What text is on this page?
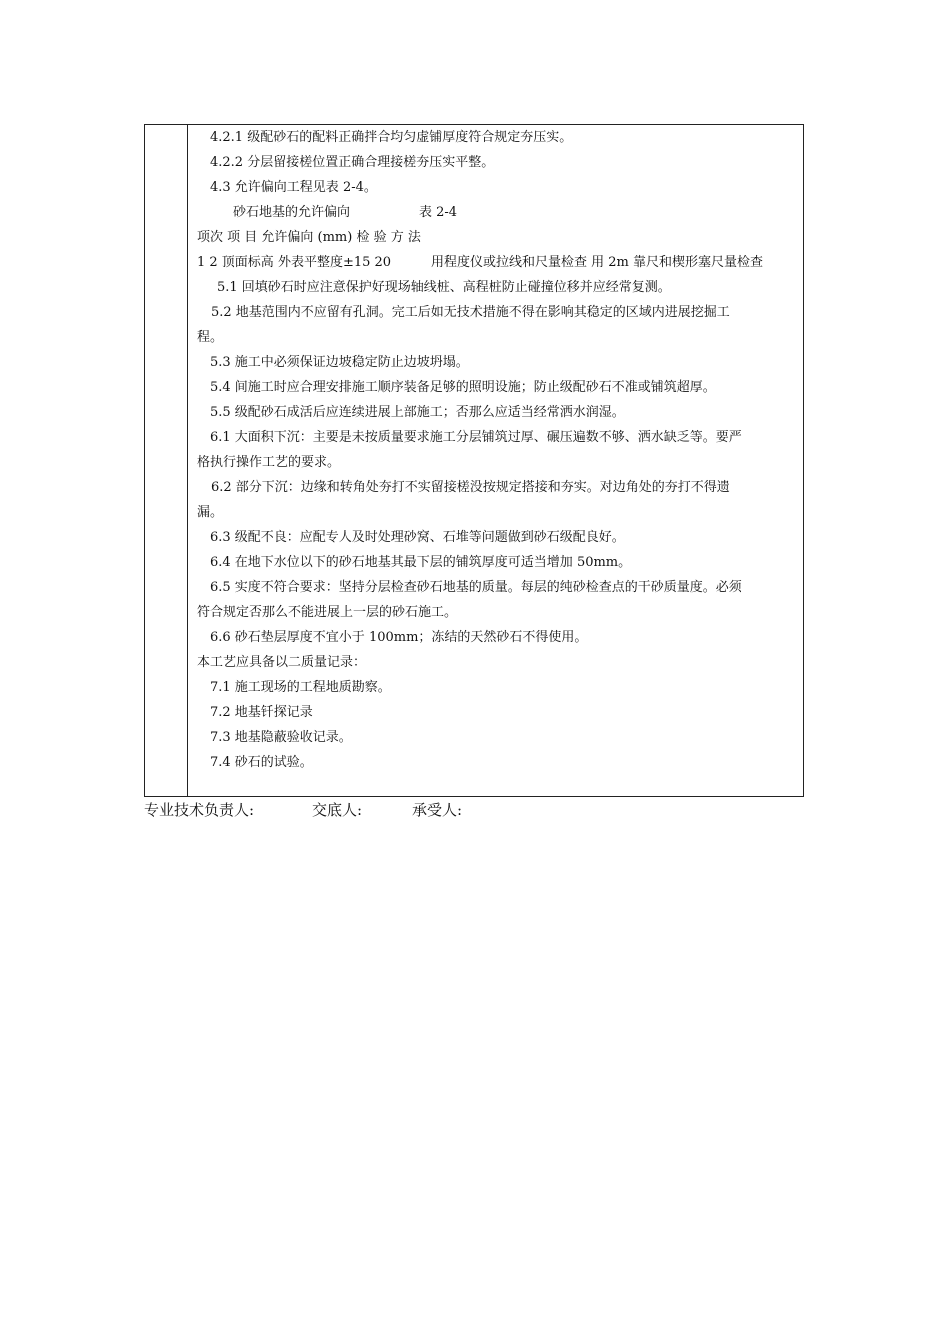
4.2.1 级配砂石的配料正确拌合均匀虚铺厚度符合规定夯压实。
4.2.2 分层留接槎位置正确合理接槎夯压实平整。
4.3 允许偏向工程见表 2-4。
砂石地基的允许偏向	表 2-4
项次 项 目 允许偏向 (mm) 检 验 方 法
1 2 顶面标高 外表平整度±15 20	用程度仪或拉线和尺量检查 用 2m 靠尺和楔形塞尺量检查
5.1 回填砂石时应注意保护好现场轴线桩、高程桩防止碰撞位移并应经常复测。
5.2 地基范围内不应留有孔洞。完工后如无技术措施不得在影响其稳定的区域内进展挖掘工
程。
5.3 施工中必须保证边坡稳定防止边坡坍塌。
5.4 间施工时应合理安排施工顺序装备足够的照明设施；防止级配砂石不准或铺筑超厚。
5.5 级配砂石成活后应连续进展上部施工；否那么应适当经常洒水润湿。
6.1 大面积下沉：主要是未按质量要求施工分层铺筑过厚、碾压遍数不够、洒水缺乏等。要严
格执行操作工艺的要求。
6.2 部分下沉：边缘和转角处夯打不实留接槎没按规定搭接和夯实。对边角处的夯打不得遗
漏。
6.3 级配不良：应配专人及时处理砂窝、石堆等问题做到砂石级配良好。
6.4 在地下水位以下的砂石地基其最下层的铺筑厚度可适当增加 50mm。
6.5 实度不符合要求：坚持分层检查砂石地基的质量。每层的纯砂检查点的干砂质量度。必须
符合规定否那么不能进展上一层的砂石施工。
6.6 砂石垫层厚度不宜小于 100mm；冻结的天然砂石不得使用。
本工艺应具备以二质量记录：
7.1 施工现场的工程地质勘察。
7.2 地基钎探记录
7.3 地基隐蔽验收记录。
7.4 砂石的试验。
专业技术负责人:	交底人:	承受人:
